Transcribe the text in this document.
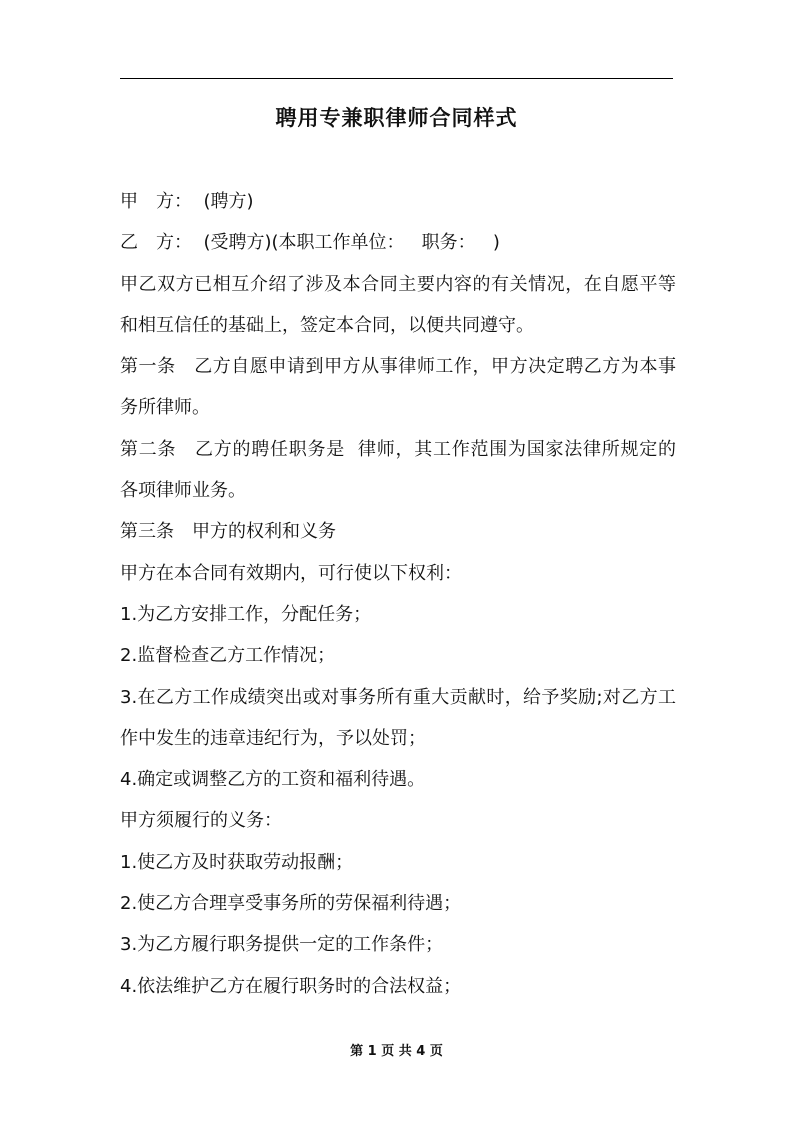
聘用专兼职律师合同样式
甲　方：  (聘方)
乙　方：  (受聘方)(本职工作单位：   职务：   )
甲乙双方已相互介绍了涉及本合同主要内容的有关情况，在自愿平等
和相互信任的基础上，签定本合同，以便共同遵守。
第一条　乙方自愿申请到甲方从事律师工作，甲方决定聘乙方为本事
务所律师。
第二条　乙方的聘任职务是  律师，其工作范围为国家法律所规定的
各项律师业务。
第三条　甲方的权利和义务
甲方在本合同有效期内，可行使以下权利：
1.为乙方安排工作，分配任务；
2.监督检查乙方工作情况；
3.在乙方工作成绩突出或对事务所有重大贡献时，给予奖励;对乙方工
作中发生的违章违纪行为，予以处罚；
4.确定或调整乙方的工资和福利待遇。
甲方须履行的义务：
1.使乙方及时获取劳动报酬；
2.使乙方合理享受事务所的劳保福利待遇；
3.为乙方履行职务提供一定的工作条件；
4.依法维护乙方在履行职务时的合法权益；
第 1 页 共 4 页
